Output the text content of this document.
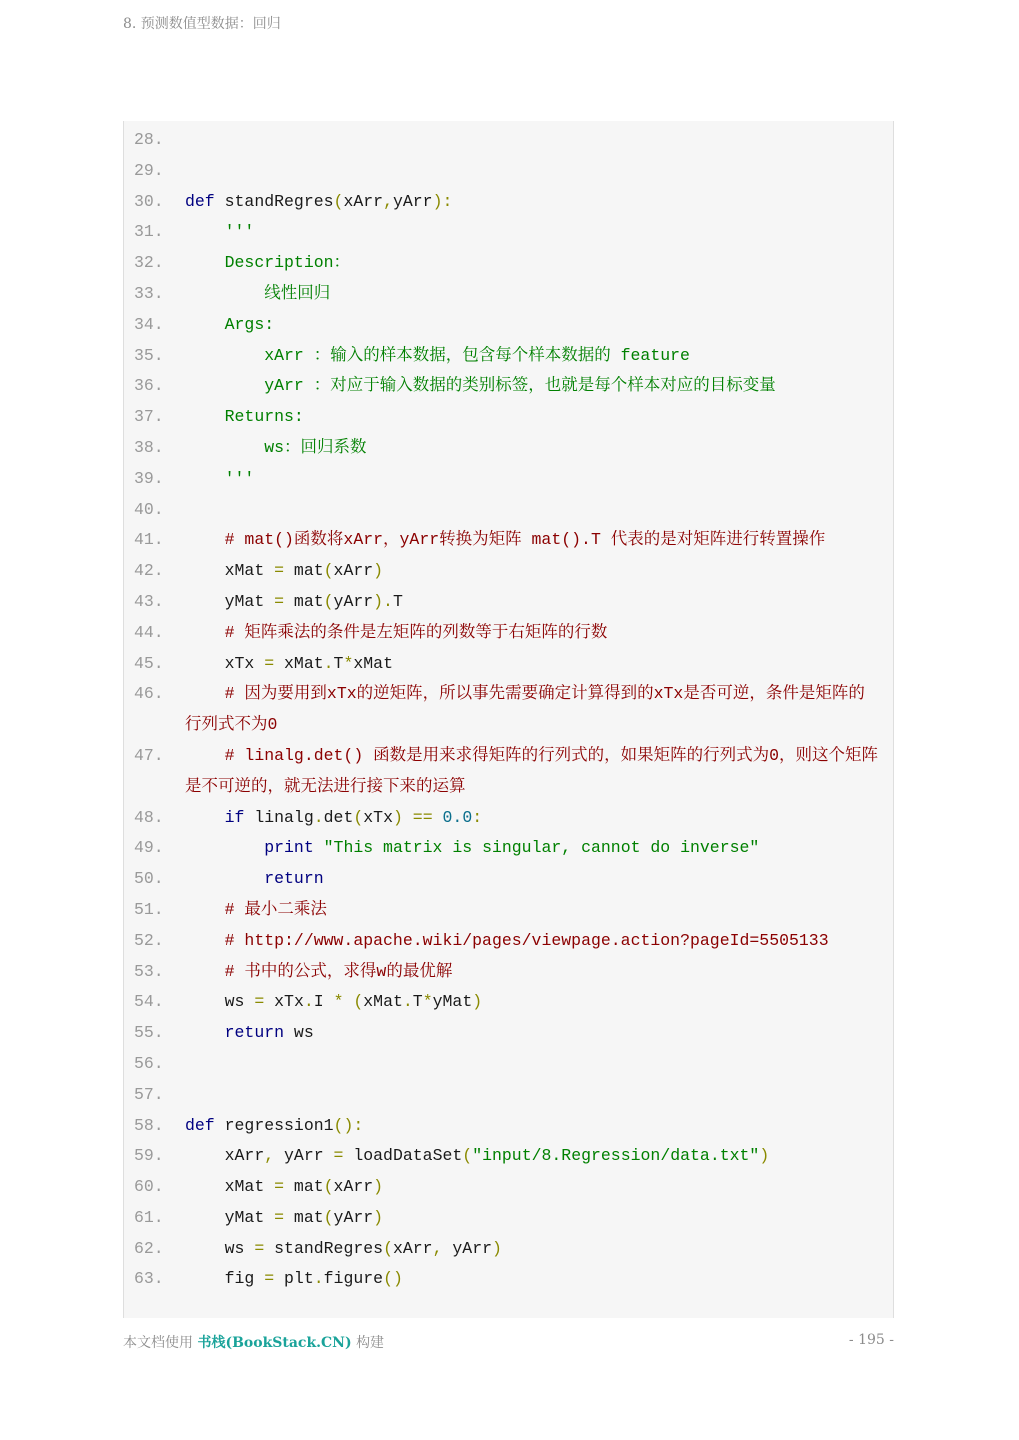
8. 预测数值型数据：回归
28.

29.

30.	def standRegres(xArr,yArr):
31.	'''
32.	Description：
33.	线性回归
34.	Args:
35.	xArr ：输入的样本数据，包含每个样本数据的 feature
36.	yArr ：对应于输入数据的类别标签，也就是每个样本对应的目标变量
37.	Returns:
38.	ws：回归系数
39.	'''
40.

41.	# mat()函数将xArr，yArr转换为矩阵 mat().T 代表的是对矩阵进行转置操作
42.	xMat = mat(xArr)
43.	yMat = mat(yArr).T
44.	# 矩阵乘法的条件是左矩阵的列数等于右矩阵的行数
45.	xTx = xMat.T*xMat
46.	# 因为要用到xTx的逆矩阵，所以事先需要确定计算得到的xTx是否可逆，条件是矩阵的行列式不为0
47.	# linalg.det() 函数是用来求得矩阵的行列式的，如果矩阵的行列式为0，则这个矩阵是不可逆的，就无法进行接下来的运算
48.	if linalg.det(xTx) == 0.0:
49.	print "This matrix is singular, cannot do inverse"
50.	return
51.	# 最小二乘法
52.	# http://www.apache.wiki/pages/viewpage.action?pageId=5505133
53.	# 书中的公式，求得w的最优解
54.	ws = xTx.I * (xMat.T*yMat)
55.	return ws
56.

57.

58.	def regression1():
59.	xArr, yArr = loadDataSet("input/8.Regression/data.txt")
60.	xMat = mat(xArr)
61.	yMat = mat(yArr)
62.	ws = standRegres(xArr, yArr)
63.	fig = plt.figure()
本文档使用 书栈(BookStack.CN) 构建	- 195 -
